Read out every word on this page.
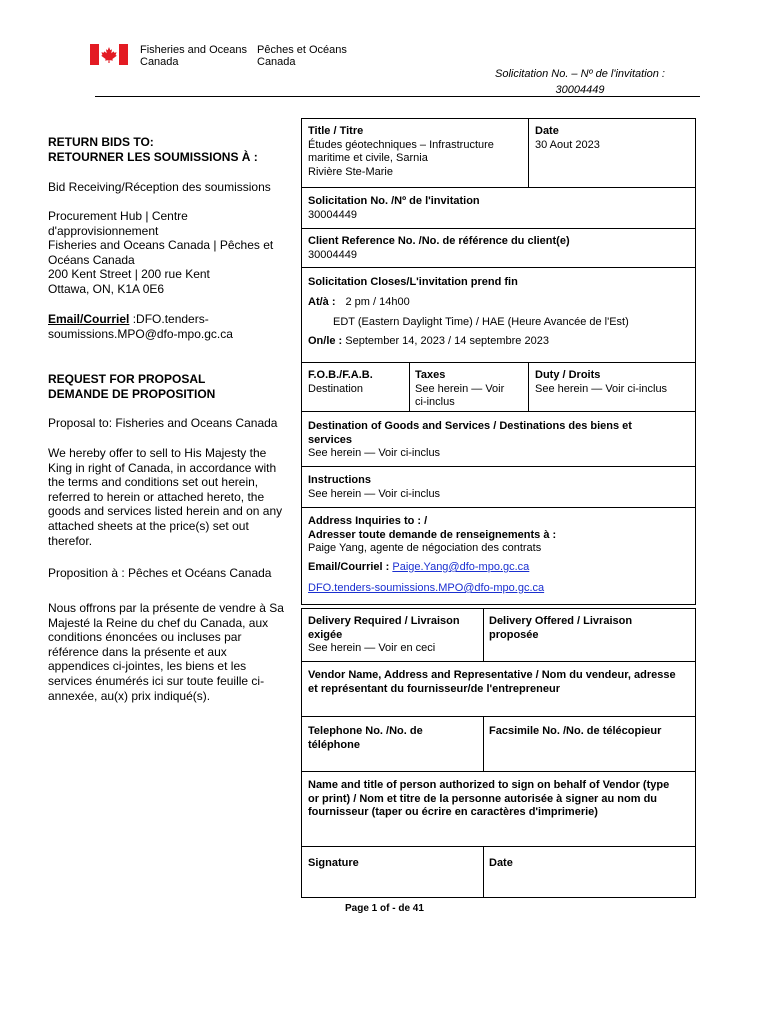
Fisheries and Oceans
Canada
Pêches et Océans
Canada
Solicitation No. – Nº de l'invitation :
30004449

RETURN BIDS TO:

RETOURNER LES SOUMISSIONS À :

Bid Receiving/Réception des soumissions

Procurement Hub | Centre

d'approvisionnement

Fisheries and Oceans Canada | Pêches et

Océans Canada

200 Kent Street | 200 rue Kent

Ottawa, ON, K1A 0E6

Email/Courriel :DFO.tenders-

soumissions.MPO@dfo-mpo.gc.ca

REQUEST FOR PROPOSAL

DEMANDE DE PROPOSITION

Proposal to: Fisheries and Oceans Canada

We hereby offer to sell to His Majesty the

King in right of Canada, in accordance with

the terms and conditions set out herein,

referred to herein or attached hereto, the

goods and services listed herein and on any

attached sheets at the price(s) set out

therefor.

Proposition à : Pêches et Océans Canada

Nous offrons par la présente de vendre à Sa

Majesté la Reine du chef du Canada, aux

conditions énoncées ou incluses par

référence dans la présente et aux

appendices ci-jointes, les biens et les

services énumérés ici sur toute feuille ci-

annexée, au(x) prix indiqué(s).

Title / Titre
Études géotechniques – Infrastructure
maritime et civile, Sarnia
Rivière Ste-Marie
Date
30 Aout 2023
Solicitation No. /Nº de l'invitation
30004449
Client Reference No. /No. de référence du client(e)
30004449
Solicitation Closes/L'invitation prend fin
At/à : 2 pm / 14h00
EDT (Eastern Daylight Time) / HAE (Heure Avancée de l'Est)
On/le : September 14, 2023 / 14 septembre 2023
F.O.B./F.A.B.
Destination
Taxes
See herein — Voir
ci-inclus
Duty / Droits
See herein — Voir ci-inclus
Destination of Goods and Services / Destinations des biens et
services
See herein — Voir ci-inclus
Instructions
See herein — Voir ci-inclus
Address Inquiries to : /
Adresser toute demande de renseignements à :
Paige Yang, agente de négociation des contrats
Email/Courriel : Paige.Yang@dfo-mpo.gc.ca
DFO.tenders-soumissions.MPO@dfo-mpo.gc.ca
Delivery Required / Livraison
exigée
See herein — Voir en ceci
Delivery Offered / Livraison
proposée
Vendor Name, Address and Representative / Nom du vendeur, adresse
et représentant du fournisseur/de l'entrepreneur
Telephone No. /No. de
téléphone
Facsimile No. /No. de télécopieur
Name and title of person authorized to sign on behalf of Vendor (type
or print) / Nom et titre de la personne autorisée à signer au nom du
fournisseur (taper ou écrire en caractères d'imprimerie)
Signature	Date
Page 1 of - de 41
